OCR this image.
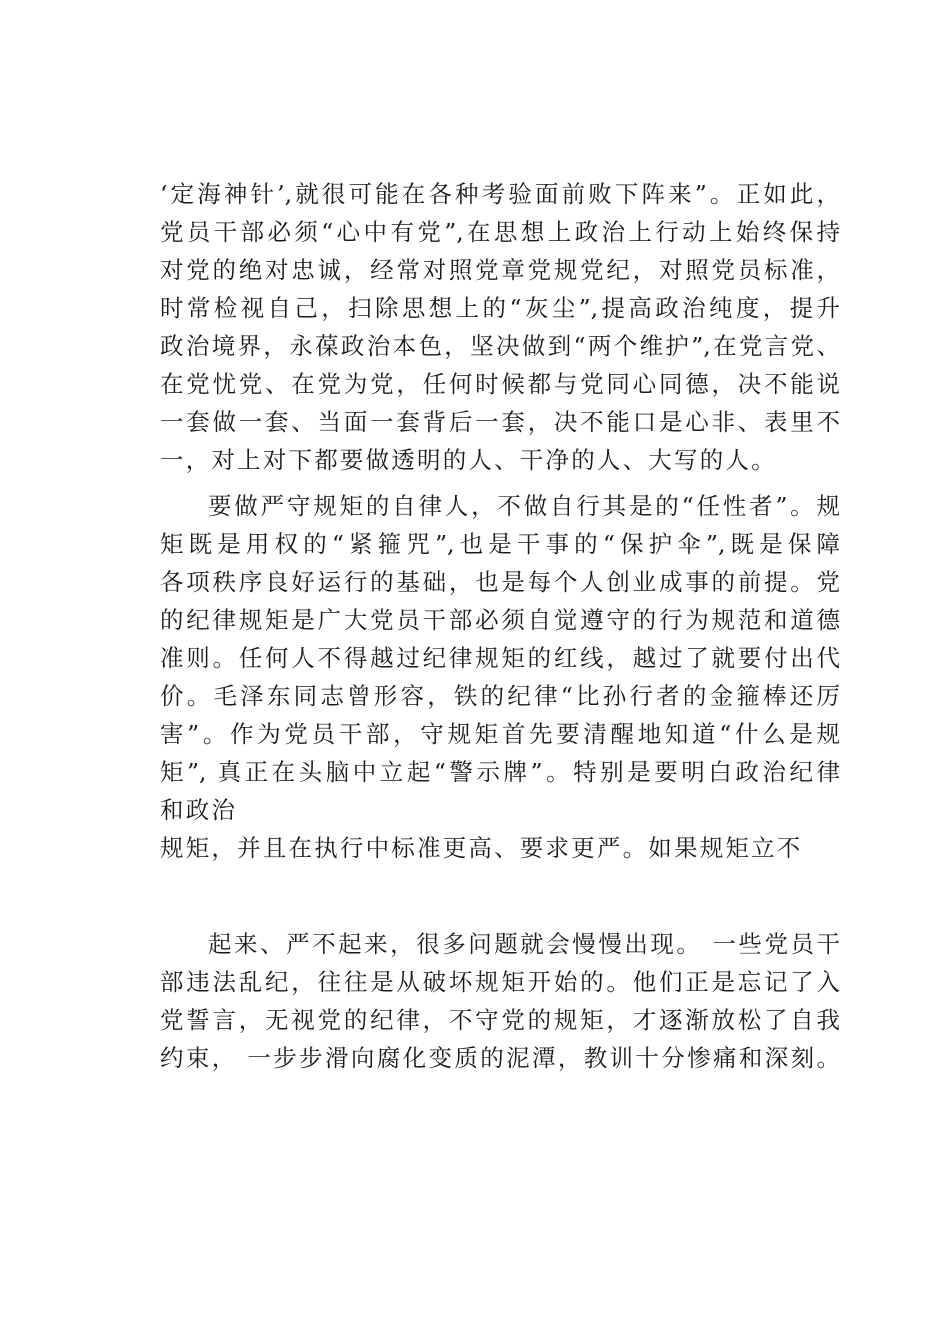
‘定海神针’,就很可能在各种考验面前败下阵来”。正如此，

党员干部必须“心中有党”,在思想上政治上行动上始终保持

对党的绝对忠诚，经常对照党章党规党纪，对照党员标准，

时常检视自己，扫除思想上的“灰尘”,提高政治纯度，提升

政治境界，永葆政治本色，坚决做到“两个维护”,在党言党、

在党忧党、在党为党，任何时候都与党同心同德，决不能说

一套做一套、当面一套背后一套，决不能口是心非、表里不

一，对上对下都要做透明的人、干净的人、大写的人。

要做严守规矩的自律人，不做自行其是的“任性者”。规

矩既是用权的“紧箍咒”,也是干事的“保护伞”,既是保障

各项秩序良好运行的基础，也是每个人创业成事的前提。党

的纪律规矩是广大党员干部必须自觉遵守的行为规范和道德

准则。任何人不得越过纪律规矩的红线，越过了就要付出代

价。毛泽东同志曾形容，铁的纪律“比孙行者的金箍棒还厉

害”。作为党员干部，守规矩首先要清醒地知道“什么是规

矩”, 真正在头脑中立起“警示牌”。特别是要明白政治纪律

和政治

规矩，并且在执行中标准更高、要求更严。如果规矩立不

起来、严不起来，很多问题就会慢慢出现。 一些党员干

部违法乱纪，往往是从破坏规矩开始的。他们正是忘记了入

党誓言，无视党的纪律，不守党的规矩，才逐渐放松了自我

约束， 一步步滑向腐化变质的泥潭，教训十分惨痛和深刻。
